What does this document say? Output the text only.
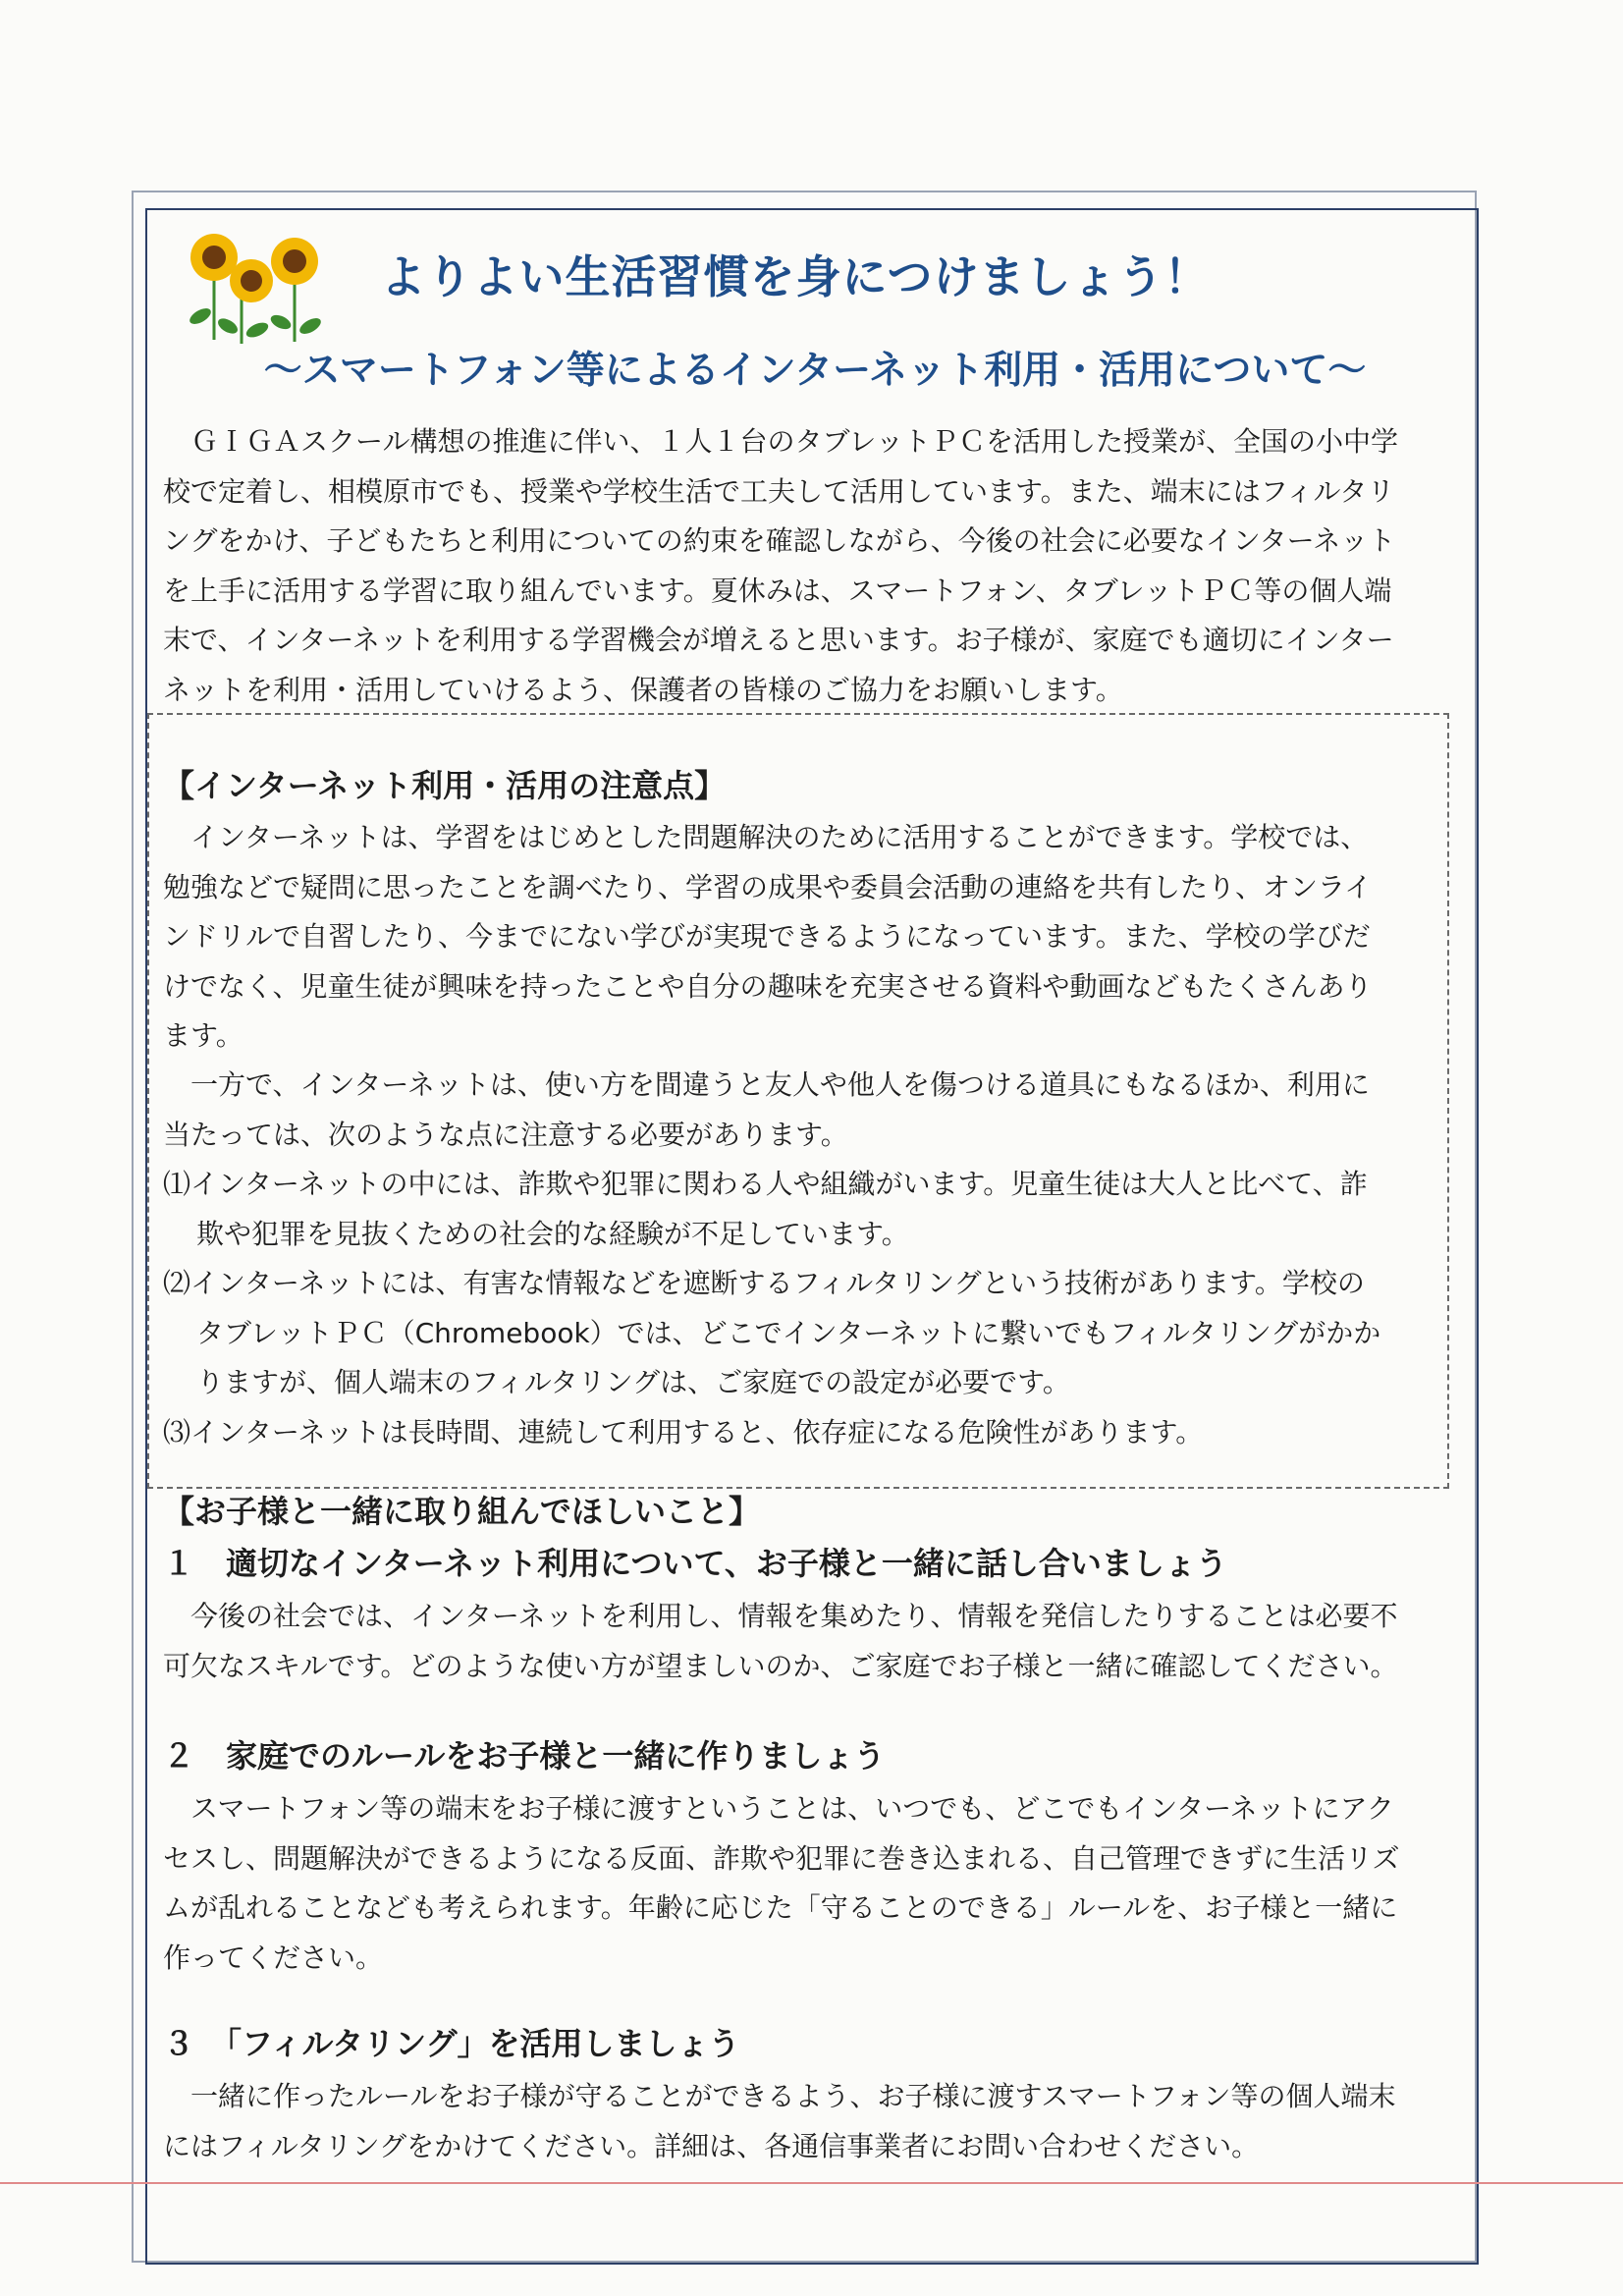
よりよい生活習慣を身につけましょう！
～スマートフォン等によるインターネット利用・活用について～

　ＧＩＧＡスクール構想の推進に伴い、１人１台のタブレットＰＣを活用した授業が、全国の小中学
校で定着し、相模原市でも、授業や学校生活で工夫して活用しています。また、端末にはフィルタリ
ングをかけ、子どもたちと利用についての約束を確認しながら、今後の社会に必要なインターネット
を上手に活用する学習に取り組んでいます。夏休みは、スマートフォン、タブレットＰＣ等の個人端
末で、インターネットを利用する学習機会が増えると思います。お子様が、家庭でも適切にインター
ネットを利用・活用していけるよう、保護者の皆様のご協力をお願いします。

【インターネット利用・活用の注意点】

　インターネットは、学習をはじめとした問題解決のために活用することができます。学校では、
勉強などで疑問に思ったことを調べたり、学習の成果や委員会活動の連絡を共有したり、オンライ
ンドリルで自習したり、今までにない学びが実現できるようになっています。また、学校の学びだ
けでなく、児童生徒が興味を持ったことや自分の趣味を充実させる資料や動画などもたくさんあり
ます。

　一方で、インターネットは、使い方を間違うと友人や他人を傷つける道具にもなるほか、利用に
当たっては、次のような点に注意する必要があります。

⑴インターネットの中には、詐欺や犯罪に関わる人や組織がいます。児童生徒は大人と比べて、詐
欺や犯罪を見抜くための社会的な経験が不足しています。
⑵インターネットには、有害な情報などを遮断するフィルタリングという技術があります。学校の
タブレットＰＣ（Chromebook）では、どこでインターネットに繋いでもフィルタリングがかか
りますが、個人端末のフィルタリングは、ご家庭での設定が必要です。
⑶インターネットは長時間、連続して利用すると、依存症になる危険性があります。
【お子様と一緒に取り組んでほしいこと】
１　適切なインターネット利用について、お子様と一緒に話し合いましょう

　今後の社会では、インターネットを利用し、情報を集めたり、情報を発信したりすることは必要不
可欠なスキルです。どのような使い方が望ましいのか、ご家庭でお子様と一緒に確認してください。

２　家庭でのルールをお子様と一緒に作りましょう

　スマートフォン等の端末をお子様に渡すということは、いつでも、どこでもインターネットにアク
セスし、問題解決ができるようになる反面、詐欺や犯罪に巻き込まれる、自己管理できずに生活リズ
ムが乱れることなども考えられます。年齢に応じた「守ることのできる」ルールを、お子様と一緒に
作ってください。

３　「フィルタリング」を活用しましょう

　一緒に作ったルールをお子様が守ることができるよう、お子様に渡すスマートフォン等の個人端末
にはフィルタリングをかけてください。詳細は、各通信事業者にお問い合わせください。
